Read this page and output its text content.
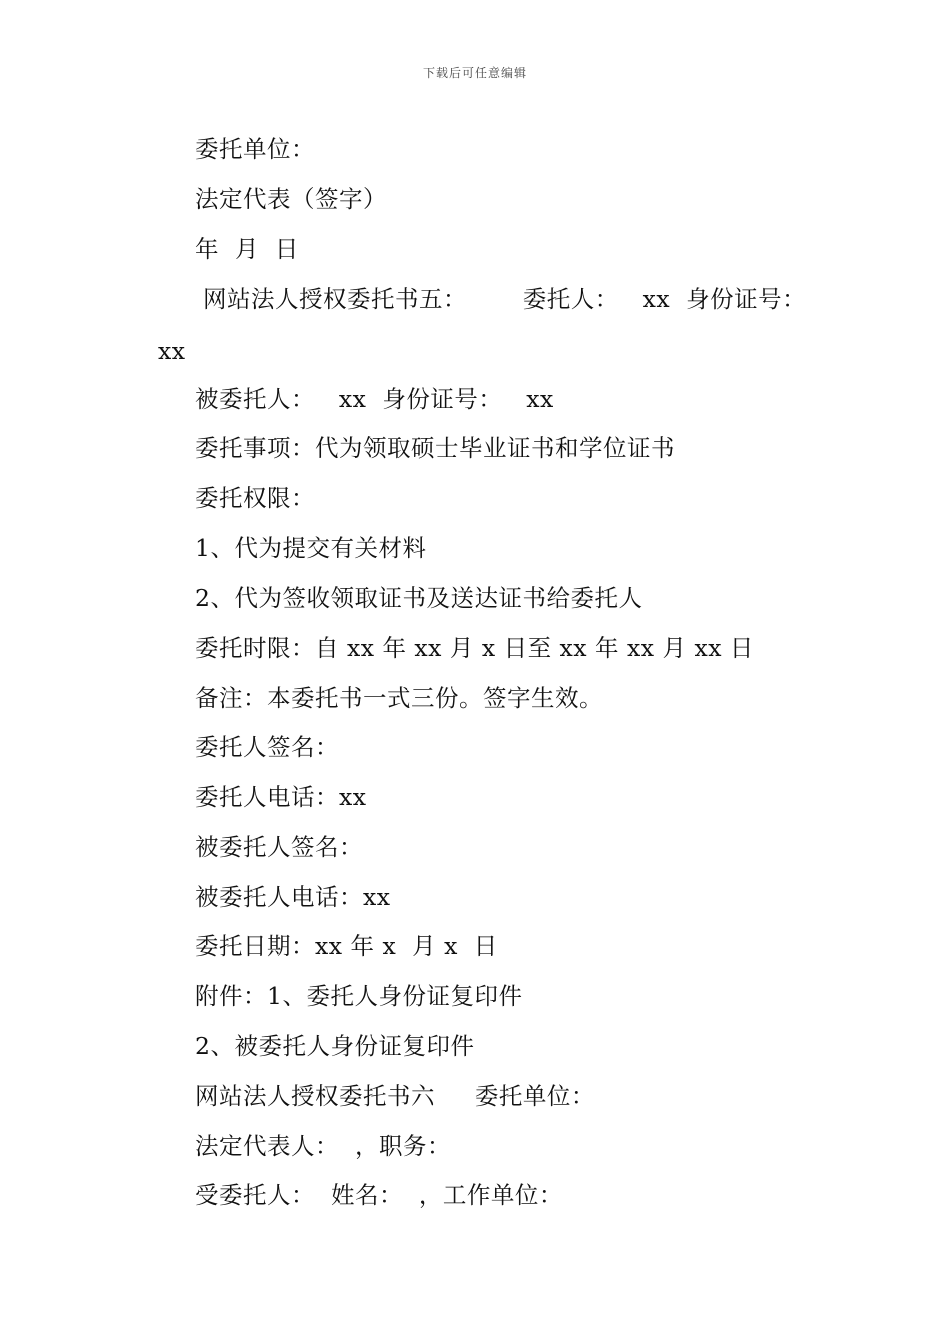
下载后可任意编辑
委托单位：
法定代表（签字）
年  月  日
网站法人授权委托书五：       委托人：   xx  身份证号：
xx
被委托人：   xx  身份证号：   xx
委托事项：代为领取硕士毕业证书和学位证书
委托权限：
1、代为提交有关材料
2、代为签收领取证书及送达证书给委托人
委托时限：自 xx 年 xx 月 x 日至 xx 年 xx 月 xx 日
备注：本委托书一式三份。签字生效。
委托人签名：
委托人电话：xx
被委托人签名：
被委托人电话：xx
委托日期：xx 年 x  月 x  日
附件：1、委托人身份证复印件
2、被委托人身份证复印件
网站法人授权委托书六     委托单位：
法定代表人：  ，职务：
受委托人：  姓名：  ，工作单位：
